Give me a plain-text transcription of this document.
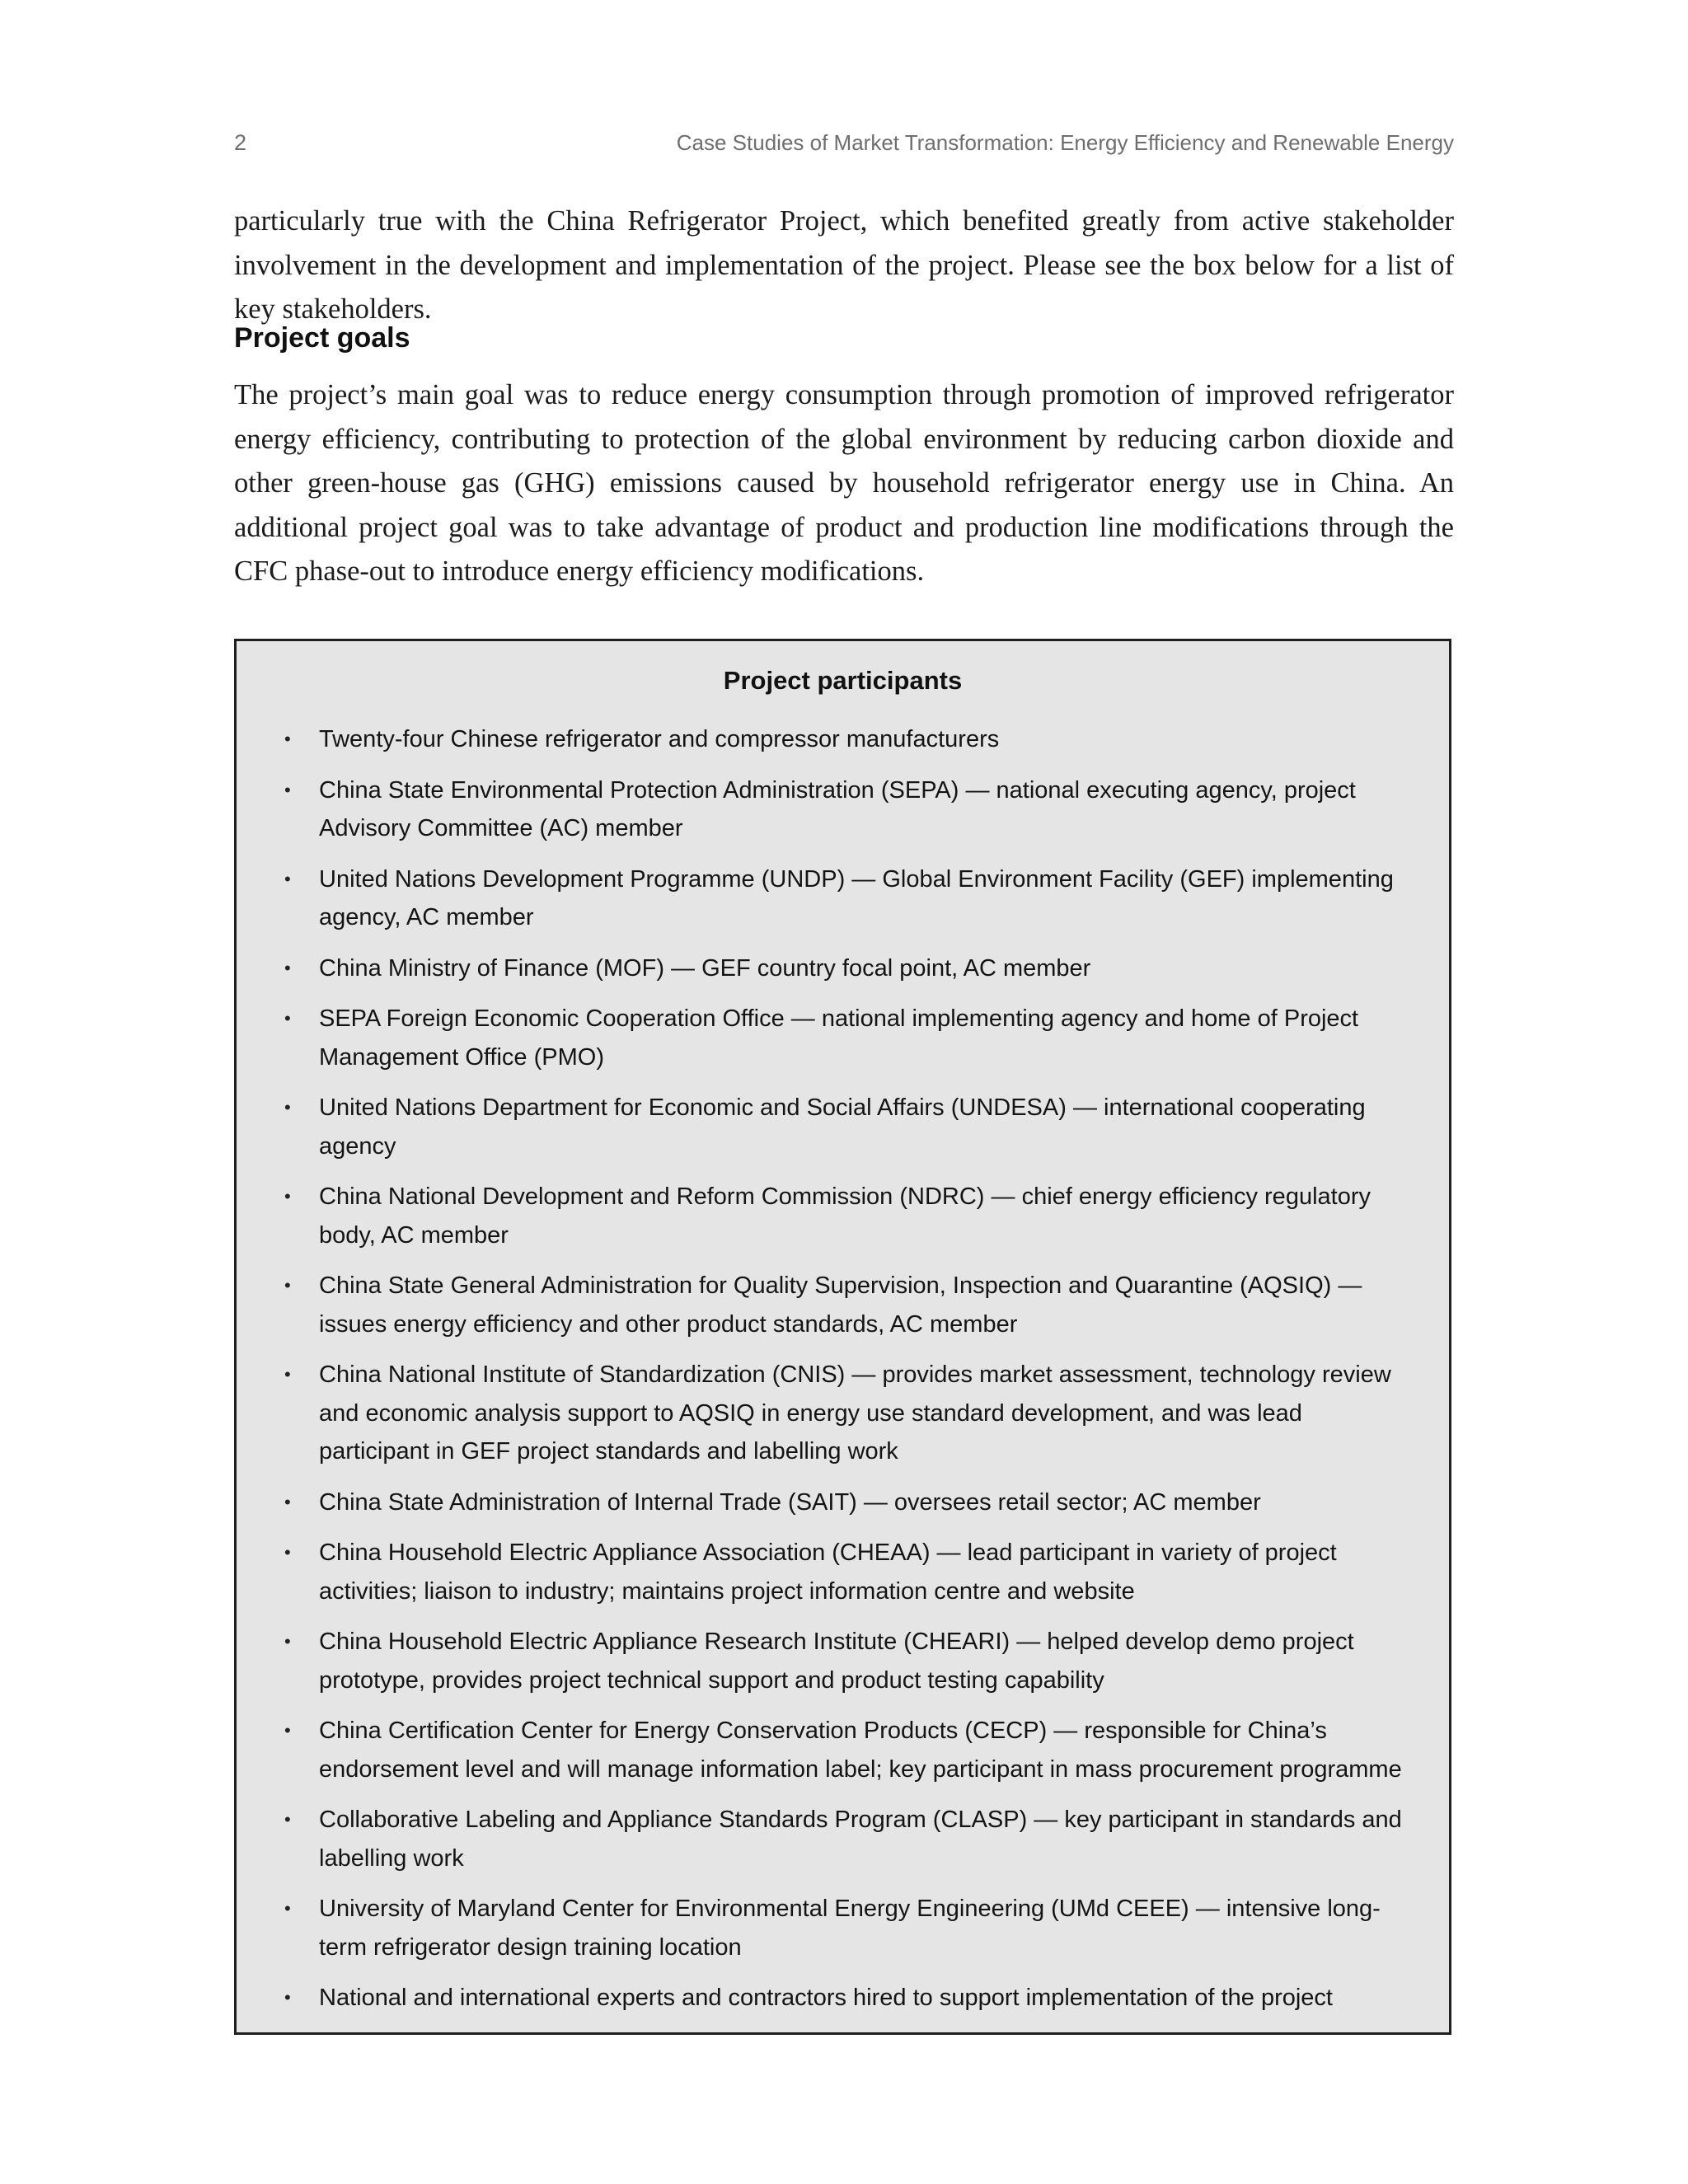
2	Case Studies of Market Transformation: Energy Efficiency and Renewable Energy

particularly true with the China Refrigerator Project, which benefited greatly from active stakeholder involvement in the development and implementation of the project. Please see the box below for a list of key stakeholders.

Project goals

The project’s main goal was to reduce energy consumption through promotion of improved refrigerator energy efficiency, contributing to protection of the global environment by reducing carbon dioxide and other green-house gas (GHG) emissions caused by household refrigerator energy use in China. An additional project goal was to take advantage of product and production line modifications through the CFC phase-out to introduce energy efficiency modifications.

Project participants
• Twenty-four Chinese refrigerator and compressor manufacturers
• China State Environmental Protection Administration (SEPA) — national executing agency, project Advisory Committee (AC) member
• United Nations Development Programme (UNDP) — Global Environment Facility (GEF) implementing agency, AC member
• China Ministry of Finance (MOF) — GEF country focal point, AC member
• SEPA Foreign Economic Cooperation Office — national implementing agency and home of Project Management Office (PMO)
• United Nations Department for Economic and Social Affairs (UNDESA) — international cooperating agency
• China National Development and Reform Commission (NDRC) — chief energy efficiency regulatory body, AC member
• China State General Administration for Quality Supervision, Inspection and Quarantine (AQSIQ) — issues energy efficiency and other product standards, AC member
• China National Institute of Standardization (CNIS) — provides market assessment, technology review and economic analysis support to AQSIQ in energy use standard development, and was lead participant in GEF project standards and labelling work
• China State Administration of Internal Trade (SAIT) — oversees retail sector; AC member
• China Household Electric Appliance Association (CHEAA) — lead participant in variety of project activities; liaison to industry; maintains project information centre and website
• China Household Electric Appliance Research Institute (CHEARI) — helped develop demo project prototype, provides project technical support and product testing capability
• China Certification Center for Energy Conservation Products (CECP) — responsible for China’s endorsement level and will manage information label; key participant in mass procurement programme
• Collaborative Labeling and Appliance Standards Program (CLASP) — key participant in standards and labelling work
• University of Maryland Center for Environmental Energy Engineering (UMd CEEE) — intensive long-term refrigerator design training location
• National and international experts and contractors hired to support implementation of the project
